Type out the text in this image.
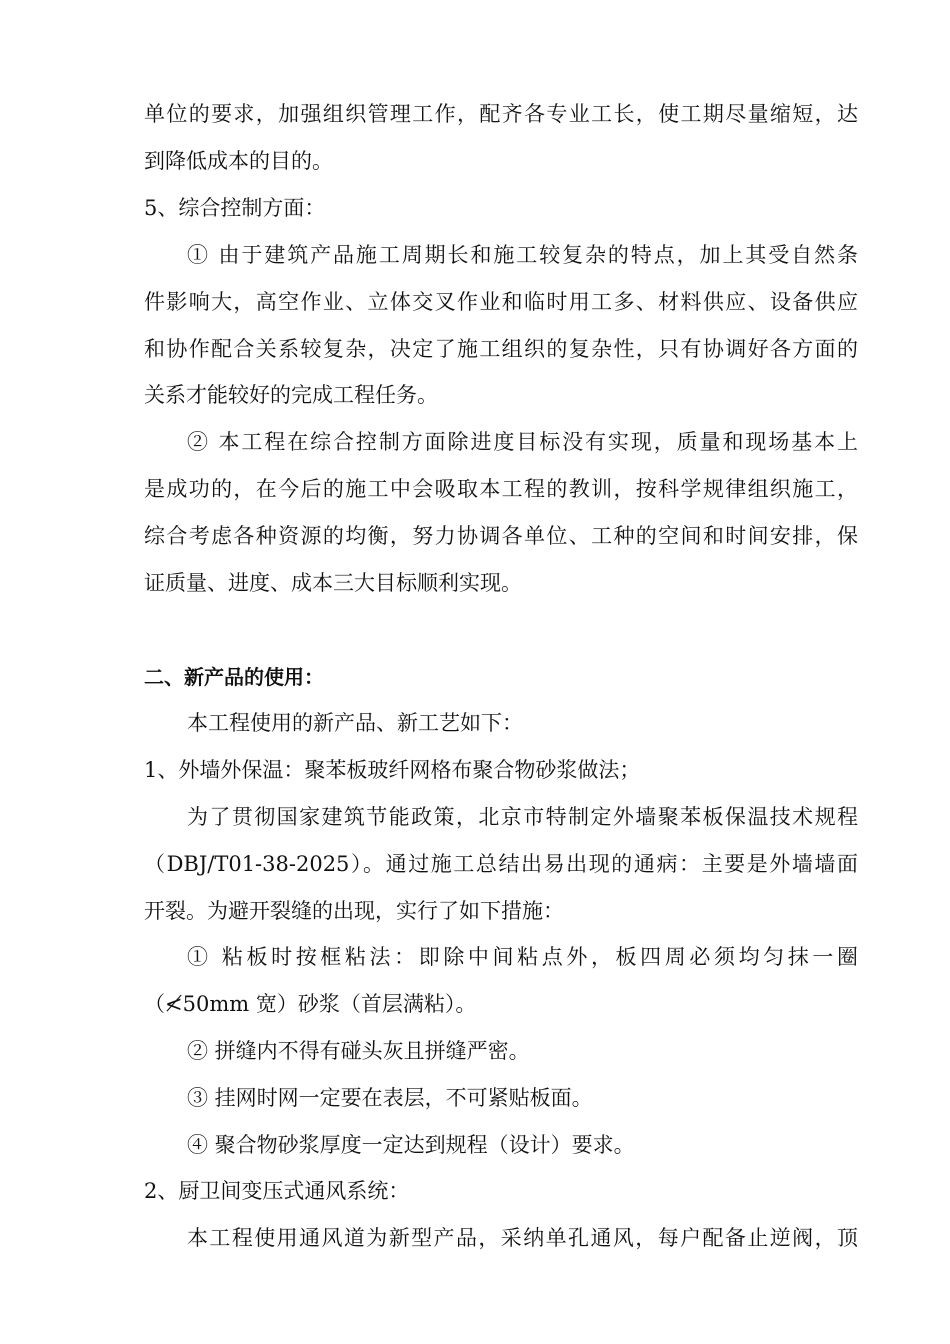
单位的要求，加强组织管理工作，配齐各专业工长，使工期尽量缩短，达
到降低成本的目的。
5、综合控制方面：
① 由于建筑产品施工周期长和施工较复杂的特点，加上其受自然条
件影响大，高空作业、立体交叉作业和临时用工多、材料供应、设备供应
和协作配合关系较复杂，决定了施工组织的复杂性，只有协调好各方面的
关系才能较好的完成工程任务。
② 本工程在综合控制方面除进度目标没有实现，质量和现场基本上
是成功的，在今后的施工中会吸取本工程的教训，按科学规律组织施工，
综合考虑各种资源的均衡，努力协调各单位、工种的空间和时间安排，保
证质量、进度、成本三大目标顺利实现。
二、新产品的使用：
本工程使用的新产品、新工艺如下：
1、外墙外保温：聚苯板玻纤网格布聚合物砂浆做法；
为了贯彻国家建筑节能政策，北京市特制定外墙聚苯板保温技术规程
（DBJ/T01-38-2025）。通过施工总结出易出现的通病：主要是外墙墙面
开裂。为避开裂缝的出现，实行了如下措施：
① 粘板时按框粘法：即除中间粘点外，板四周必须均匀抹一圈
（≮50mm 宽）砂浆（首层满粘）。
② 拼缝内不得有碰头灰且拼缝严密。
③ 挂网时网一定要在表层，不可紧贴板面。
④ 聚合物砂浆厚度一定达到规程（设计）要求。
2、厨卫间变压式通风系统：
本工程使用通风道为新型产品，采纳单孔通风，每户配备止逆阀，顶
